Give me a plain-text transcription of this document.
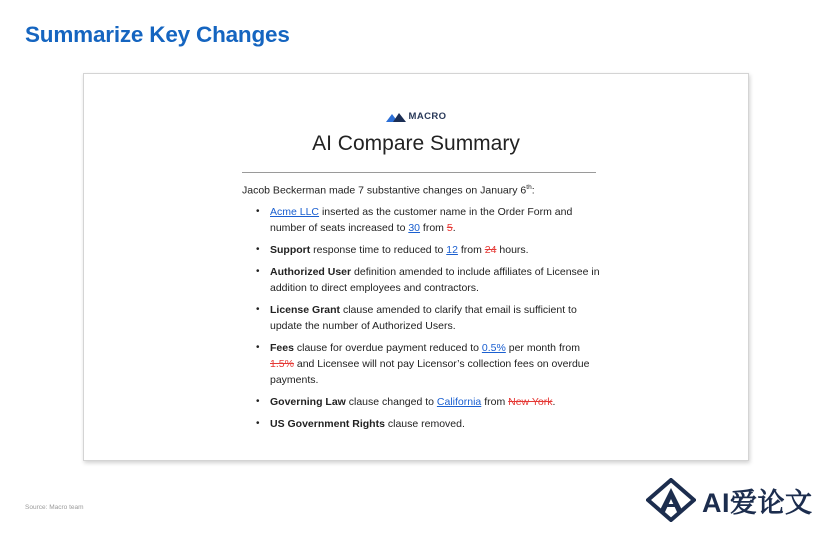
Summarize Key Changes
MACRO
AI Compare Summary
Jacob Beckerman made 7 substantive changes on January 6th:
• Acme LLC inserted as the customer name in the Order Form and number of seats increased to 30 from 5.
• Support response time to reduced to 12 from 24 hours.
• Authorized User definition amended to include affiliates of Licensee in addition to direct employees and contractors.
• License Grant clause amended to clarify that email is sufficient to update the number of Authorized Users.
• Fees clause for overdue payment reduced to 0.5% per month from 1.5% and Licensee will not pay Licensor’s collection fees on overdue payments.
• Governing Law clause changed to California from New York.
• US Government Rights clause removed.
Source: Macro team	AI爱论文
